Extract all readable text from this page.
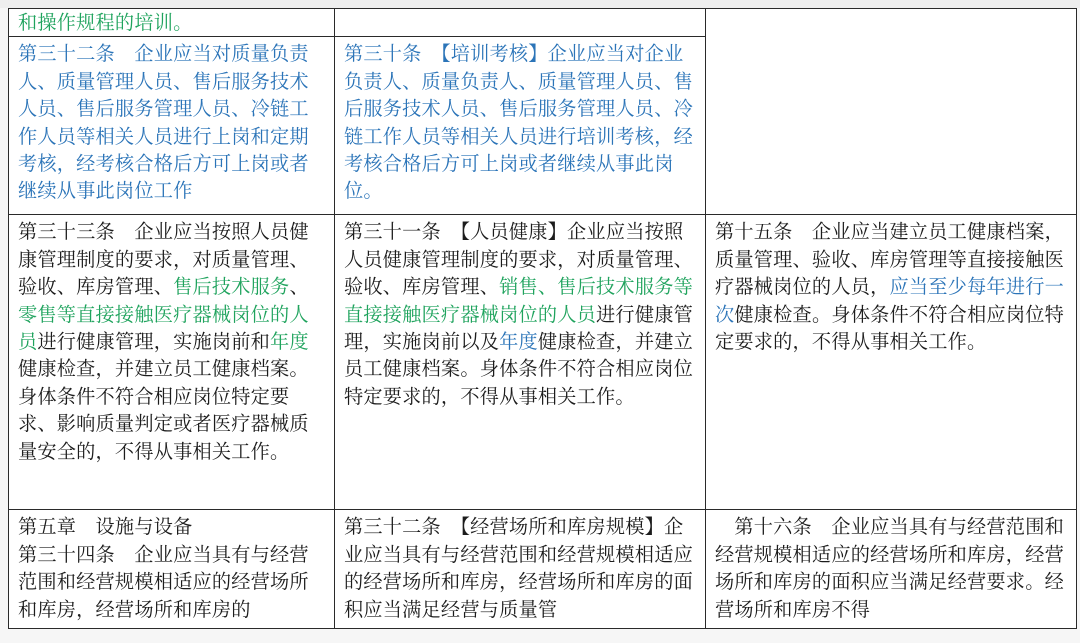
和操作规程的培训。		
第三十二条　企业应当对质量负责人、质量管理人员、售后服务技术人员、售后服务管理人员、冷链工作人员等相关人员进行上岗和定期考核，经考核合格后方可上岗或者继续从事此岗位工作	第三十条　【培训考核】企业应当对企业负责人、质量负责人、质量管理人员、售后服务技术人员、售后服务管理人员、冷链工作人员等相关人员进行培训考核，经考核合格后方可上岗或者继续从事此岗位。	
第三十三条　企业应当按照人员健康管理制度的要求，对质量管理、验收、库房管理、售后技术服务、零售等直接接触医疗器械岗位的人员进行健康管理，实施岗前和年度健康检查，并建立员工健康档案。身体条件不符合相应岗位特定要求、影响质量判定或者医疗器械质量安全的，不得从事相关工作。	第三十一条　【人员健康】企业应当按照人员健康管理制度的要求，对质量管理、验收、库房管理、销售、售后技术服务等直接接触医疗器械岗位的人员进行健康管理，实施岗前以及年度健康检查，并建立员工健康档案。身体条件不符合相应岗位特定要求的，不得从事相关工作。	第十五条　企业应当建立员工健康档案，质量管理、验收、库房管理等直接接触医疗器械岗位的人员，应当至少每年进行一次健康检查。身体条件不符合相应岗位特定要求的，不得从事相关工作。

第五章　设施与设备
第三十四条　企业应当具有与经营范围和经营规模相适应的经营场所和库房，经营场所和库房的	第三十二条　【经营场所和库房规模】企业应当具有与经营范围和经营规模相适应的经营场所和库房，经营场所和库房的面积应当满足经营与质量管	　第十六条　企业应当具有与经营范围和经营规模相适应的经营场所和库房，经营场所和库房的面积应当满足经营要求。经营场所和库房不得
